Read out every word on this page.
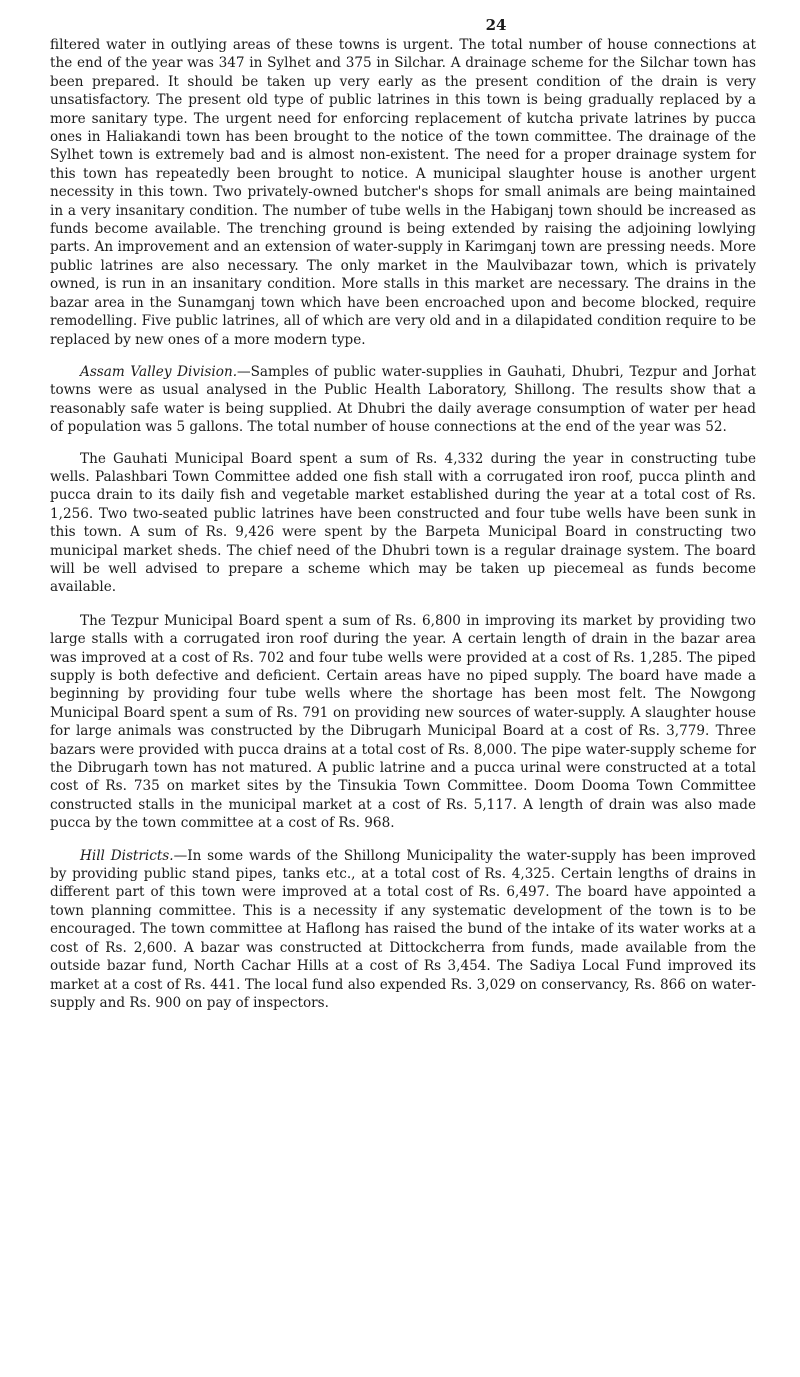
24

filtered water in outlying areas of these towns is urgent. The total number of house connections at the end of the year was 347 in Sylhet and 375 in Silchar. A drainage scheme for the Silchar town has been prepared. It should be taken up very early as the present condition of the drain is very unsatisfactory. The present old type of public latrines in this town is being gradually replaced by a more sanitary type. The urgent need for enforcing replacement of kutcha private latrines by pucca ones in Haliakandi town has been brought to the notice of the town committee. The drainage of the Sylhet town is extremely bad and is almost non-existent. The need for a proper drainage system for this town has repeatedly been brought to notice. A municipal slaughter house is another urgent necessity in this town. Two privately-owned butcher's shops for small animals are being maintained in a very insanitary condition. The number of tube wells in the Habiganj town should be increased as funds become available. The trenching ground is being extended by raising the adjoining lowlying parts. An improvement and an extension of water-supply in Karimganj town are pressing needs. More public latrines are also necessary. The only market in the Maulvibazar town, which is privately owned, is run in an insanitary condition. More stalls in this market are necessary. The drains in the bazar area in the Sunamganj town which have been encroached upon and become blocked, require remodelling. Five public latrines, all of which are very old and in a dilapidated condition require to be replaced by new ones of a more modern type.

Assam Valley Division.—Samples of public water-supplies in Gauhati, Dhubri, Tezpur and Jorhat towns were as usual analysed in the Public Health Laboratory, Shillong. The results show that a reasonably safe water is being supplied. At Dhubri the daily average consumption of water per head of population was 5 gallons. The total number of house connections at the end of the year was 52.

The Gauhati Municipal Board spent a sum of Rs. 4,332 during the year in constructing tube wells. Palashbari Town Committee added one fish stall with a corrugated iron roof, pucca plinth and pucca drain to its daily fish and vegetable market established during the year at a total cost of Rs. 1,256. Two two-seated public latrines have been constructed and four tube wells have been sunk in this town. A sum of Rs. 9,426 were spent by the Barpeta Municipal Board in constructing two municipal market sheds. The chief need of the Dhubri town is a regular drainage system. The board will be well advised to prepare a scheme which may be taken up piecemeal as funds become available.

The Tezpur Municipal Board spent a sum of Rs. 6,800 in improving its market by providing two large stalls with a corrugated iron roof during the year. A certain length of drain in the bazar area was improved at a cost of Rs. 702 and four tube wells were provided at a cost of Rs. 1,285. The piped supply is both defective and deficient. Certain areas have no piped supply. The board have made a beginning by providing four tube wells where the shortage has been most felt. The Nowgong Municipal Board spent a sum of Rs. 791 on providing new sources of water-supply. A slaughter house for large animals was constructed by the Dibrugarh Municipal Board at a cost of Rs. 3,779. Three bazars were provided with pucca drains at a total cost of Rs. 8,000. The pipe water-supply scheme for the Dibrugarh town has not matured. A public latrine and a pucca urinal were constructed at a total cost of Rs. 735 on market sites by the Tinsukia Town Committee. Doom Dooma Town Committee constructed stalls in the municipal market at a cost of Rs. 5,117. A length of drain was also made pucca by the town committee at a cost of Rs. 968.

Hill Districts.—In some wards of the Shillong Municipality the water-supply has been improved by providing public stand pipes, tanks etc., at a total cost of Rs. 4,325. Certain lengths of drains in different part of this town were improved at a total cost of Rs. 6,497. The board have appointed a town planning committee. This is a necessity if any systematic development of the town is to be encouraged. The town committee at Haflong has raised the bund of the intake of its water works at a cost of Rs. 2,600. A bazar was constructed at Dittockcherra from funds, made available from the outside bazar fund, North Cachar Hills at a cost of Rs 3,454. The Sadiya Local Fund improved its market at a cost of Rs. 441. The local fund also expended Rs. 3,029 on conservancy, Rs. 866 on water-supply and Rs. 900 on pay of inspectors.
